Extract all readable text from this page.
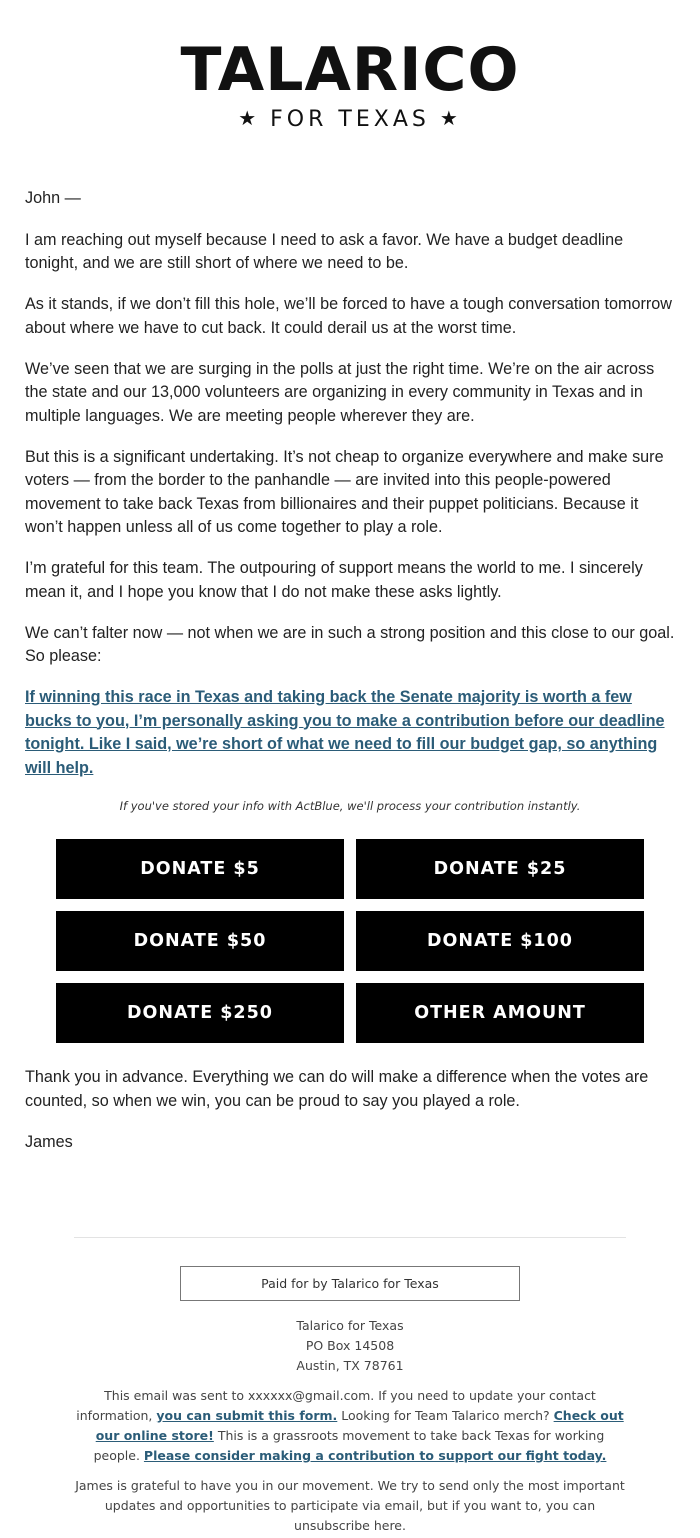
TALARICO
★ FOR TEXAS ★

John —

I am reaching out myself because I need to ask a favor. We have a budget deadline tonight, and we are still short of where we need to be.

As it stands, if we don’t fill this hole, we’ll be forced to have a tough conversation tomorrow about where we have to cut back. It could derail us at the worst time.

We’ve seen that we are surging in the polls at just the right time. We’re on the air across the state and our 13,000 volunteers are organizing in every community in Texas and in multiple languages. We are meeting people wherever they are.

But this is a significant undertaking. It’s not cheap to organize everywhere and make sure voters — from the border to the panhandle — are invited into this people-powered movement to take back Texas from billionaires and their puppet politicians. Because it won’t happen unless all of us come together to play a role.

I’m grateful for this team. The outpouring of support means the world to me. I sincerely mean it, and I hope you know that I do not make these asks lightly.

We can’t falter now — not when we are in such a strong position and this close to our goal. So please:

If winning this race in Texas and taking back the Senate majority is worth a few bucks to you, I’m personally asking you to make a contribution before our deadline tonight. Like I said, we’re short of what we need to fill our budget gap, so anything will help.
If you've stored your info with ActBlue, we'll process your contribution instantly.
DONATE $5	DONATE $25
DONATE $50	DONATE $100
DONATE $250	OTHER AMOUNT

Thank you in advance. Everything we can do will make a difference when the votes are counted, so when we win, you can be proud to say you played a role.

James

Paid for by Talarico for Texas
Talarico for Texas
PO Box 14508
Austin, TX 78761
This email was sent to xxxxxx@gmail.com. If you need to update your contact information, you can submit this form. Looking for Team Talarico merch? Check out our online store! This is a grassroots movement to take back Texas for working people. Please consider making a contribution to support our fight today.
James is grateful to have you in our movement. We try to send only the most important updates and opportunities to participate via email, but if you want to, you can unsubscribe here.
